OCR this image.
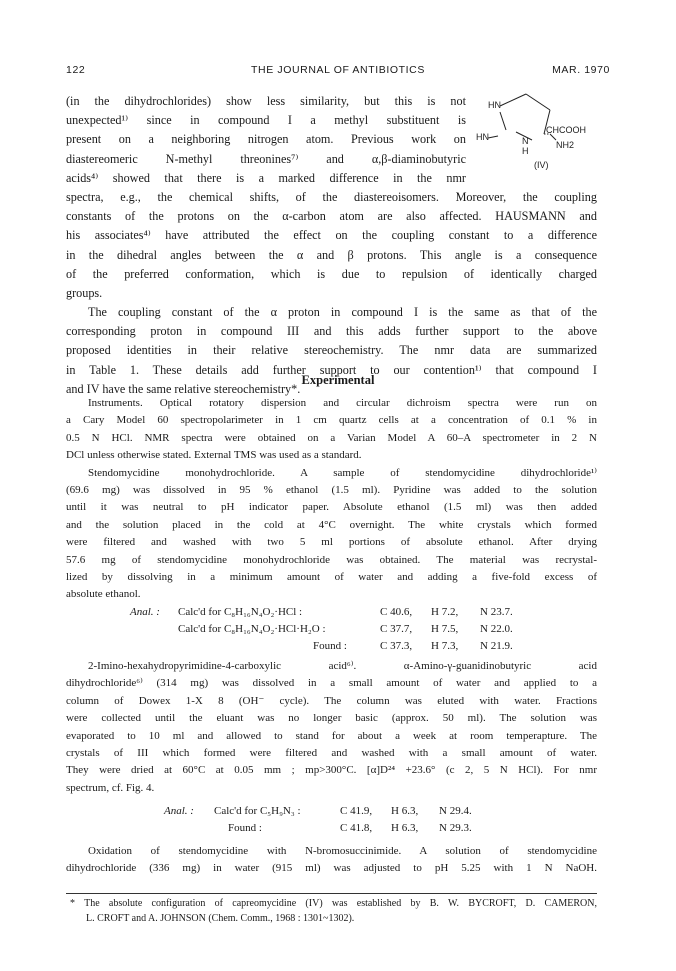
122	THE JOURNAL OF ANTIBIOTICS	MAR. 1970
HN
HN	N
H
CHCOOH
NH2
(IV)
(in the dihydrochlorides) show less similarity, but this is not
unexpected¹⁾ since in compound I a methyl substituent is
present on a neighboring nitrogen atom. Previous work on
diastereomeric N-methyl threonines⁷⁾ and α,β-diaminobutyric
acids⁴⁾ showed that there is a marked difference in the nmr
spectra, e.g., the chemical shifts, of the diastereoisomers. Moreover, the coupling
constants of the protons on the α-carbon atom are also affected. HAUSMANN and
his associates⁴⁾ have attributed the effect on the coupling constant to a difference
in the dihedral angles between the α and β protons. This angle is a consequence
of the preferred conformation, which is due to repulsion of identically charged
groups.
The coupling constant of the α proton in compound I is the same as that of the
corresponding proton in compound III and this adds further support to the above
proposed identities in their relative stereochemistry. The nmr data are summarized
in Table 1. These details add further support to our contention¹⁾ that compound I
and IV have the same relative stereochemistry*.
Experimental
Instruments. Optical rotatory dispersion and circular dichroism spectra were run on
a Cary Model 60 spectropolarimeter in 1 cm quartz cells at a concentration of 0.1 % in
0.5 N HCl. NMR spectra were obtained on a Varian Model A 60–A spectrometer in 2 N
DCl unless otherwise stated. External TMS was used as a standard.
Stendomycidine monohydrochloride. A sample of stendomycidine dihydrochloride¹⁾
(69.6 mg) was dissolved in 95 % ethanol (1.5 ml). Pyridine was added to the solution
until it was neutral to pH indicator paper. Absolute ethanol (1.5 ml) was then added
and the solution placed in the cold at 4°C overnight. The white crystals which formed
were filtered and washed with two 5 ml portions of absolute ethanol. After drying
57.6 mg of stendomycidine monohydrochloride was obtained. The material was recrystal-
lized by dissolving in a minimum amount of water and adding a five-fold excess of
absolute ethanol.
Anal. : Calc'd for C₈H₁₆N₄O₂·HCl :	C 40.6, H 7.2, N 23.7.
Calc'd for C₈H₁₆N₄O₂·HCl·H₂O :	C 37.7, H 7.5, N 22.0.
Found :	C 37.3, H 7.3, N 21.9.
2-Imino-hexahydropyrimidine-4-carboxylic acid⁶⁾. α-Amino-γ-guanidinobutyric acid
dihydrochloride⁶⁾ (314 mg) was dissolved in a small amount of water and applied to a
column of Dowex 1-X 8 (OH⁻ cycle). The column was eluted with water. Fractions
were collected until the eluant was no longer basic (approx. 50 ml). The solution was
evaporated to 10 ml and allowed to stand for about a week at room temperapture. The
crystals of III which formed were filtered and washed with a small amount of water.
They were dried at 60°C at 0.05 mm ; mp>300°C. [α]D²⁴ +23.6° (c 2, 5 N HCl). For nmr
spectrum, cf. Fig. 4.
Anal. : Calc'd for C₅H₉N₃ :	C 41.9, H 6.3, N 29.4.
Found :	C 41.8, H 6.3, N 29.3.
Oxidation of stendomycidine with N-bromosuccinimide. A solution of stendomycidine
dihydrochloride (336 mg) in water (915 ml) was adjusted to pH 5.25 with 1 N NaOH.
* The absolute configuration of capreomycidine (IV) was established by B. W. BYCROFT, D. CAMERON,
L. CROFT and A. JOHNSON (Chem. Comm., 1968 : 1301~1302).
